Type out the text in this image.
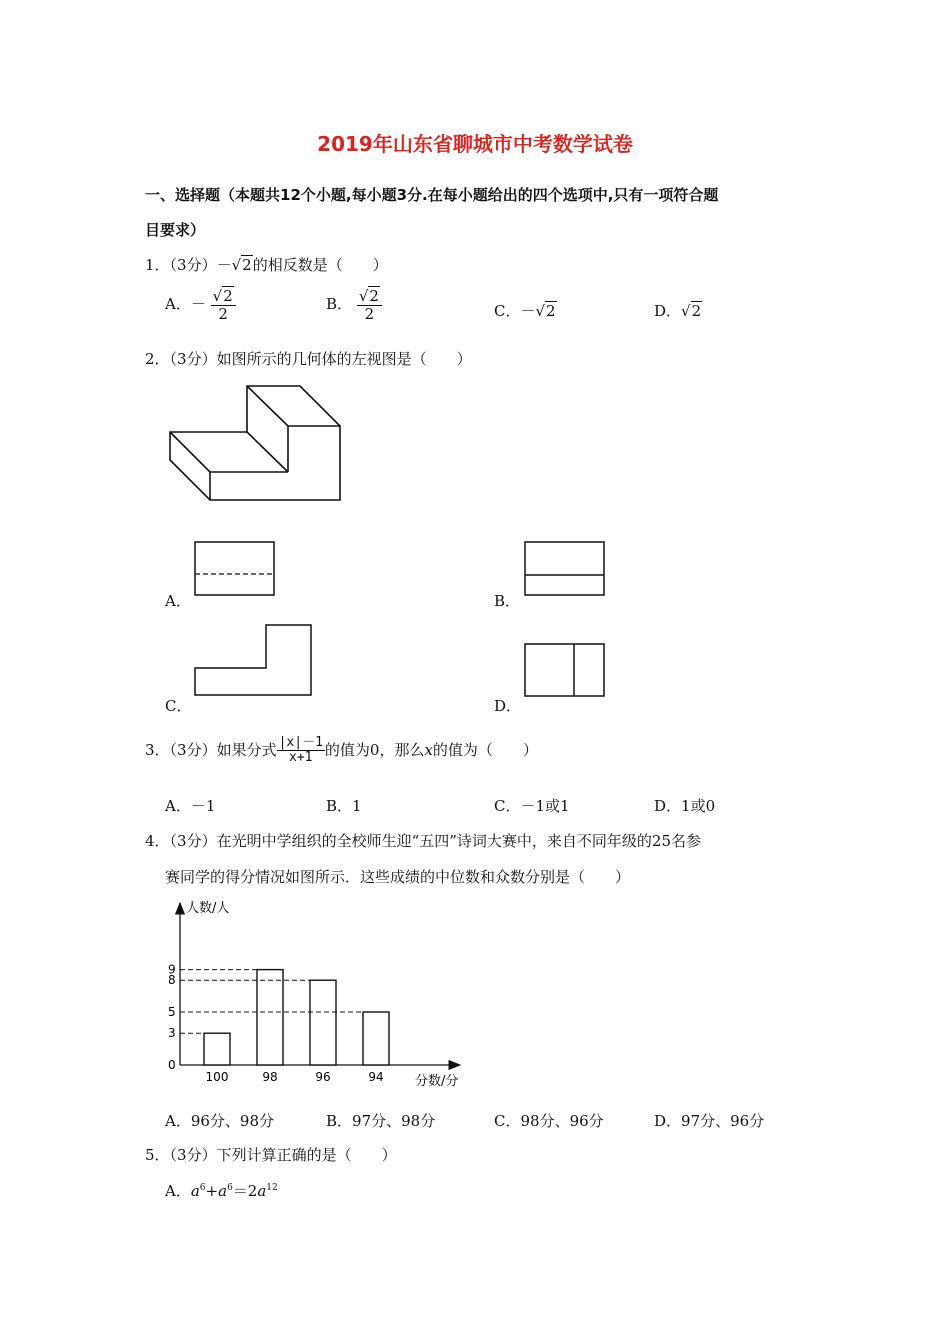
2019年山东省聊城市中考数学试卷
一、选择题（本题共12个小题,每小题3分.在每小题给出的四个选项中,只有一项符合题
目要求）
1．（3分）－√2的相反数是（　　）
A．－ $\frac{√2}{2}$	B． $\frac{√2}{2}$	C．－√2	D．√2
2．（3分）如图所示的几何体的左视图是（　　）
A．	B．
C．	D．
3．（3分）如果分式 $\frac{|x|-1}{x+1}$ 的值为0，那么x的值为（　　）
A．－1	B．1	C．－1或1	D．1或0
4．（3分）在光明中学组织的全校师生迎“五四”诗词大赛中，来自不同年级的25名参
赛同学的得分情况如图所示．这些成绩的中位数和众数分别是（　　）
人数/人
分数/分
0
3
5
8
9
100	98	96	94
A．96分、98分	B．97分、98分	C．98分、96分	D．97分、96分
5．（3分）下列计算正确的是（　　）
A．$a^6+a^6=2a^{12}$
